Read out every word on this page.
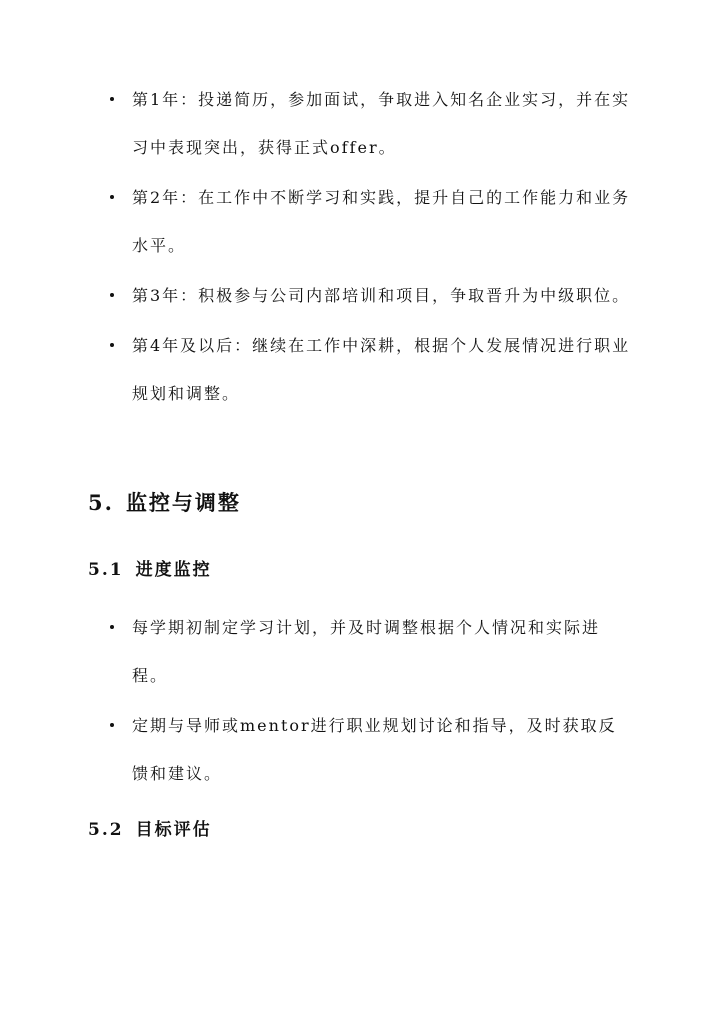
第1年：投递简历，参加面试，争取进入知名企业实习，并在实习中表现突出，获得正式offer。
第2年：在工作中不断学习和实践，提升自己的工作能力和业务水平。
第3年：积极参与公司内部培训和项目，争取晋升为中级职位。
第4年及以后：继续在工作中深耕，根据个人发展情况进行职业规划和调整。
5. 监控与调整
5.1 进度监控
每学期初制定学习计划，并及时调整根据个人情况和实际进程。
定期与导师或mentor进行职业规划讨论和指导，及时获取反馈和建议。
5.2 目标评估
